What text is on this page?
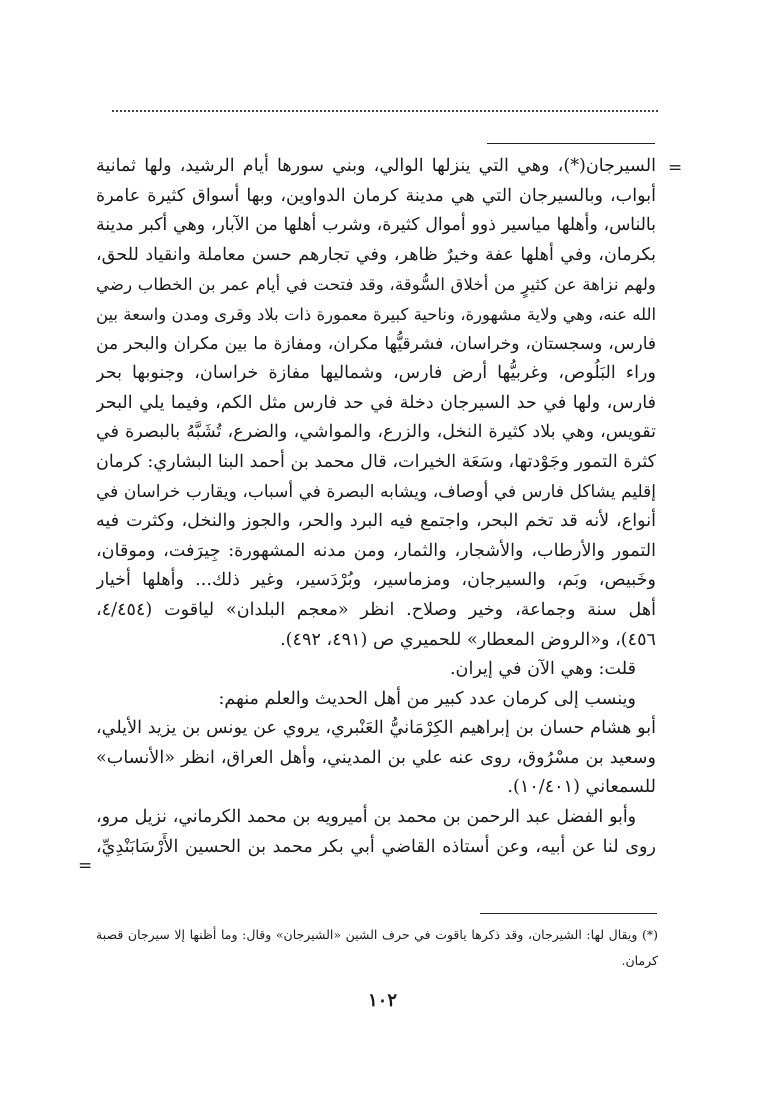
=
السيرجان(*)، وهي التي ينزلها الوالي، وبني سورها أيام الرشيد، ولها ثمانية
أبواب، وبالسيرجان التي هي مدينة كرمان الدواوين، وبها أسواق كثيرة عامرة
بالناس، وأهلها مياسير ذوو أموال كثيرة، وشرب أهلها من الآبار، وهي أكبر مدينة
بكرمان، وفي أهلها عفة وخيرٌ ظاهر، وفي تجارهم حسن معاملة وانقياد للحق،
ولهم نزاهة عن كثيرٍ من أخلاق السُّوقة، وقد فتحت في أيام عمر بن الخطاب رضي
الله عنه، وهي ولاية مشهورة، وناحية كبيرة معمورة ذات بلاد وقرى ومدن واسعة بين
فارس، وسجستان، وخراسان، فشرقيُّها مكران، ومفازة ما بين مكران والبحر من
وراء البَلُوص، وغربيُّها أرض فارس، وشماليها مفازة خراسان، وجنوبها بحر
فارس، ولها في حد السيرجان دخلة في حد فارس مثل الكم، وفيما يلي البحر
تقويس، وهي بلاد كثيرة النخل، والزرع، والمواشي، والضرع، تُشَبَّهُ بالبصرة في
كثرة التمور وجَوْدتها، وسَعَة الخيرات، قال محمد بن أحمد البنا البشاري: كرمان
إقليم يشاكل فارس في أوصاف، ويشابه البصرة في أسباب، ويقارب خراسان في
أنواع، لأنه قد تخم البحر، واجتمع فيه البرد والحر، والجوز والنخل، وكثرت فيه
التمور والأرطاب، والأشجار، والثمار، ومن مدنه المشهورة: جِيرَفت، وموقان،
وخَبيص، وبَم، والسيرجان، ومزماسير، وبُرْدَسير، وغير ذلك... وأهلها أخيار
أهل سنة وجماعة، وخير وصلاح. انظر «معجم البلدان» لياقوت (٤/٤٥٤،
٤٥٦)، و«الروض المعطار» للحميري ص (٤٩١، ٤٩٢).
قلت: وهي الآن في إيران.
وينسب إلى كرمان عدد كبير من أهل الحديث والعلم منهم:
أبو هشام حسان بن إبراهيم الكِرْمَانيُّ العَنْبري، يروي عن يونس بن يزيد الأيلي،
وسعيد بن مسْرُوق، روى عنه علي بن المديني، وأهل العراق، انظر «الأنساب»
للسمعاني (١٠/٤٠١).
وأبو الفضل عبد الرحمن بن محمد بن أميرويه بن محمد الكرماني، نزيل مرو،
روى لنا عن أبيه، وعن أستاذه القاضي أبي بكر محمد بن الحسين الأَرْسَابَنْدِيِّ،
=
(*) ويقال لها: الشيرجان، وقد ذكرها ياقوت في حرف الشين «الشيرجان» وقال: وما أظنها إلا سيرجان قصبة
كرمان.
١٠٢
